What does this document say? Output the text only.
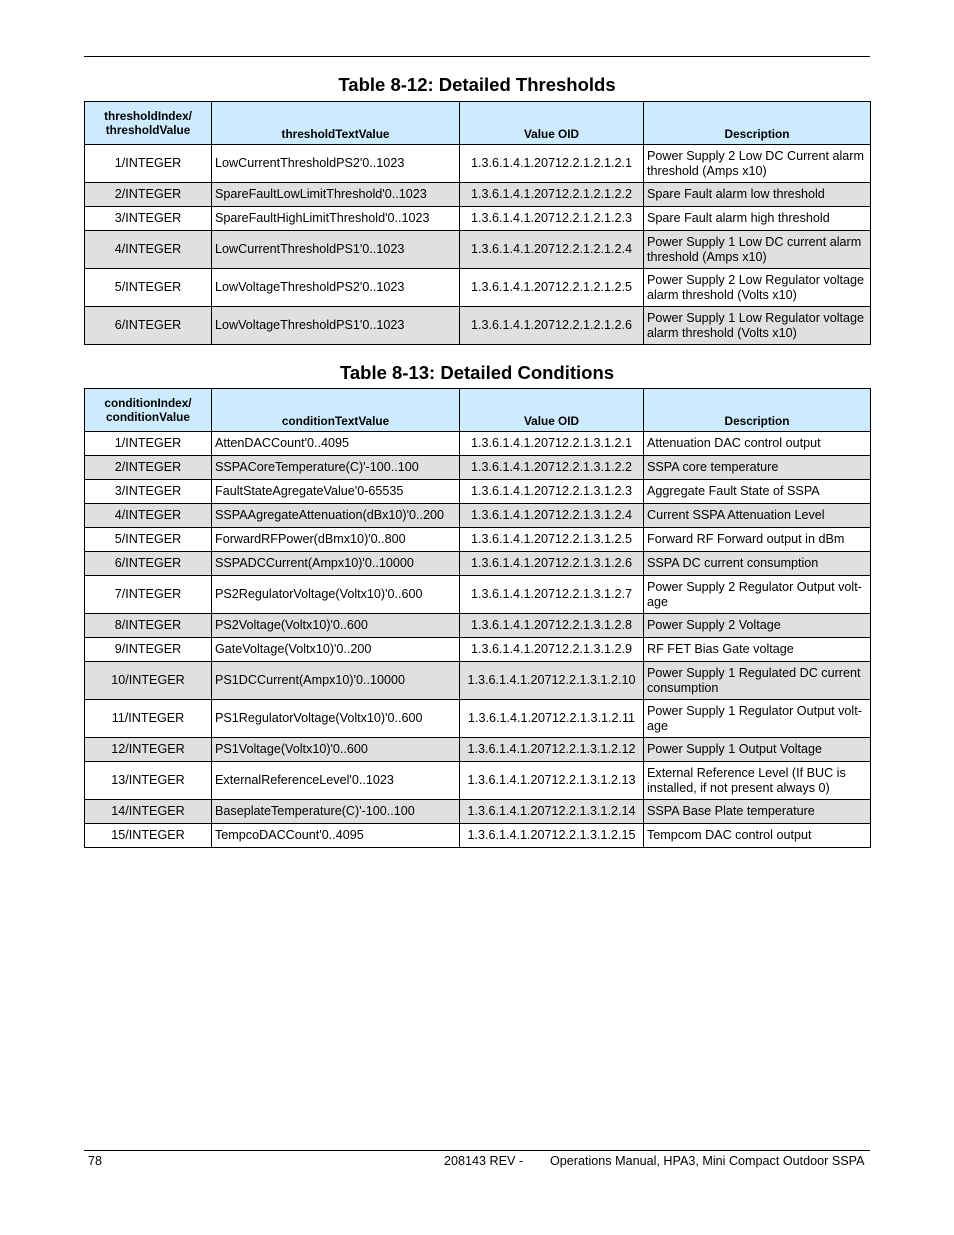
Table 8-12: Detailed Thresholds
thresholdIndex/
thresholdValue	thresholdTextValue	Value OID	Description
1/INTEGER	LowCurrentThresholdPS2'0..1023	1.3.6.1.4.1.20712.2.1.2.1.2.1	Power Supply 2 Low DC Current alarm threshold (Amps x10)
2/INTEGER	SpareFaultLowLimitThreshold'0..1023	1.3.6.1.4.1.20712.2.1.2.1.2.2	Spare Fault alarm low threshold
3/INTEGER	SpareFaultHighLimitThreshold'0..1023	1.3.6.1.4.1.20712.2.1.2.1.2.3	Spare Fault alarm high threshold
4/INTEGER	LowCurrentThresholdPS1'0..1023	1.3.6.1.4.1.20712.2.1.2.1.2.4	Power Supply 1 Low DC current alarm threshold (Amps x10)
5/INTEGER	LowVoltageThresholdPS2'0..1023	1.3.6.1.4.1.20712.2.1.2.1.2.5	Power Supply 2 Low Regulator voltage alarm threshold (Volts x10)
6/INTEGER	LowVoltageThresholdPS1'0..1023	1.3.6.1.4.1.20712.2.1.2.1.2.6	Power Supply 1 Low Regulator voltage alarm threshold (Volts x10)
Table 8-13: Detailed Conditions
conditionIndex/
conditionValue	conditionTextValue	Value OID	Description
1/INTEGER	AttenDACCount'0..4095	1.3.6.1.4.1.20712.2.1.3.1.2.1	Attenuation DAC control output
2/INTEGER	SSPACoreTemperature(C)'-100..100	1.3.6.1.4.1.20712.2.1.3.1.2.2	SSPA core temperature
3/INTEGER	FaultStateAgregateValue'0-65535	1.3.6.1.4.1.20712.2.1.3.1.2.3	Aggregate Fault State of SSPA
4/INTEGER	SSPAAgregateAttenuation(dBx10)'0..200	1.3.6.1.4.1.20712.2.1.3.1.2.4	Current SSPA Attenuation Level
5/INTEGER	ForwardRFPower(dBmx10)'0..800	1.3.6.1.4.1.20712.2.1.3.1.2.5	Forward RF Forward output in dBm
6/INTEGER	SSPADCCurrent(Ampx10)'0..10000	1.3.6.1.4.1.20712.2.1.3.1.2.6	SSPA DC current consumption
7/INTEGER	PS2RegulatorVoltage(Voltx10)'0..600	1.3.6.1.4.1.20712.2.1.3.1.2.7	Power Supply 2 Regulator Output volt-
age
8/INTEGER	PS2Voltage(Voltx10)'0..600	1.3.6.1.4.1.20712.2.1.3.1.2.8	Power Supply 2 Voltage
9/INTEGER	GateVoltage(Voltx10)'0..200	1.3.6.1.4.1.20712.2.1.3.1.2.9	RF FET Bias Gate voltage
10/INTEGER	PS1DCCurrent(Ampx10)'0..10000	1.3.6.1.4.1.20712.2.1.3.1.2.10	Power Supply 1 Regulated DC current consumption
11/INTEGER	PS1RegulatorVoltage(Voltx10)'0..600	1.3.6.1.4.1.20712.2.1.3.1.2.11	Power Supply 1 Regulator Output volt-
age
12/INTEGER	PS1Voltage(Voltx10)'0..600	1.3.6.1.4.1.20712.2.1.3.1.2.12	Power Supply 1 Output Voltage
13/INTEGER	ExternalReferenceLevel'0..1023	1.3.6.1.4.1.20712.2.1.3.1.2.13	External Reference Level (If BUC is installed, if not present always 0)
14/INTEGER	BaseplateTemperature(C)'-100..100	1.3.6.1.4.1.20712.2.1.3.1.2.14	SSPA Base Plate temperature
15/INTEGER	TempcoDACCount'0..4095	1.3.6.1.4.1.20712.2.1.3.1.2.15	Tempcom DAC control output
78	208143 REV - Operations Manual, HPA3, Mini Compact Outdoor SSPA
